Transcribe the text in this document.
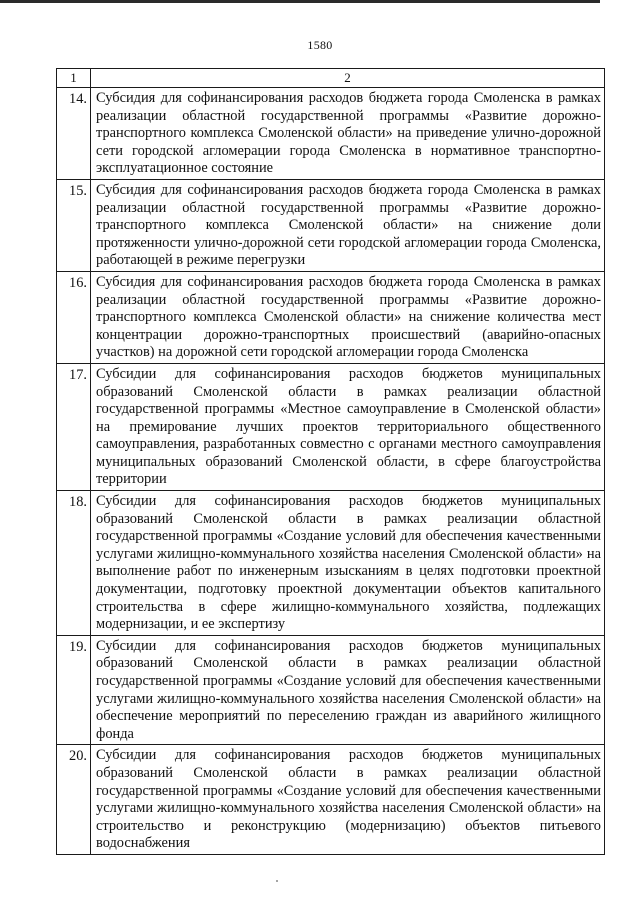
1580
1	2
14.	Субсидия для софинансирования расходов бюджета города Смоленска в рамках реализации областной государственной программы «Развитие дорожно-транспортного комплекса Смоленской области» на приведение улично-дорожной сети городской агломерации города Смоленска в нормативное транспортно-эксплуатационное состояние
15.	Субсидия для софинансирования расходов бюджета города Смоленска в рамках реализации областной государственной программы «Развитие дорожно-транспортного комплекса Смоленской области» на снижение доли протяженности улично-дорожной сети городской агломерации города Смоленска, работающей в режиме перегрузки
16.	Субсидия для софинансирования расходов бюджета города Смоленска в рамках реализации областной государственной программы «Развитие дорожно-транспортного комплекса Смоленской области» на снижение количества мест концентрации дорожно-транспортных происшествий (аварийно-опасных участков) на дорожной сети городской агломерации города Смоленска
17.	Субсидии для софинансирования расходов бюджетов муниципальных образований Смоленской области в рамках реализации областной государственной программы «Местное самоуправление в Смоленской области» на премирование лучших проектов территориального общественного самоуправления, разработанных совместно с органами местного самоуправления муниципальных образований Смоленской области, в сфере благоустройства территории
18.	Субсидии для софинансирования расходов бюджетов муниципальных образований Смоленской области в рамках реализации областной государственной программы «Создание условий для обеспечения качественными услугами жилищно-коммунального хозяйства населения Смоленской области» на выполнение работ по инженерным изысканиям в целях подготовки проектной документации, подготовку проектной документации объектов капитального строительства в сфере жилищно-коммунального хозяйства, подлежащих модернизации, и ее экспертизу
19.	Субсидии для софинансирования расходов бюджетов муниципальных образований Смоленской области в рамках реализации областной государственной программы «Создание условий для обеспечения качественными услугами жилищно-коммунального хозяйства населения Смоленской области» на обеспечение мероприятий по переселению граждан из аварийного жилищного фонда
20.	Субсидии для софинансирования расходов бюджетов муниципальных образований Смоленской области в рамках реализации областной государственной программы «Создание условий для обеспечения качественными услугами жилищно-коммунального хозяйства населения Смоленской области» на строительство и реконструкцию (модернизацию) объектов питьевого водоснабжения
